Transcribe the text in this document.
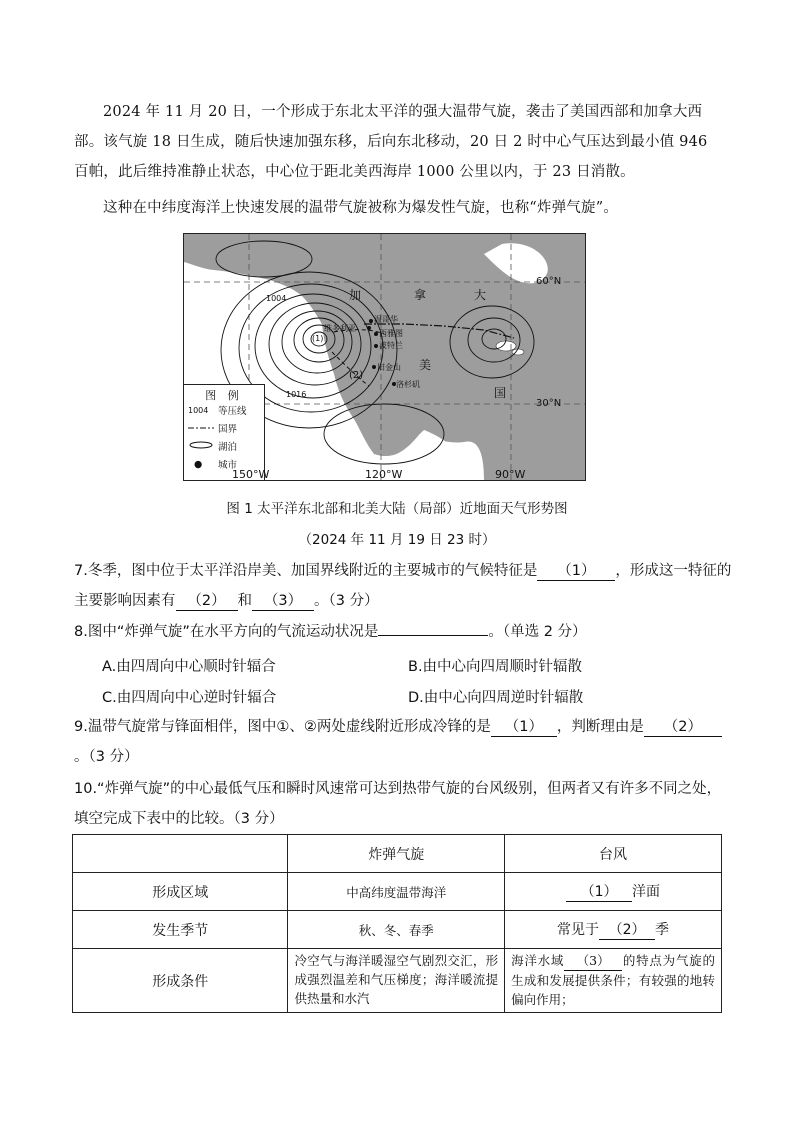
2024 年 11 月 20 日，一个形成于东北太平洋的强大温带气旋，袭击了美国西部和加拿大西部。该气旋 18 日生成，随后快速加强东移，后向东北移动，20 日 2 时中心气压达到最小值 946 百帕，此后维持准静止状态，中心位于距北美西海岸 1000 公里以内，于 23 日消散。
这种在中纬度海洋上快速发展的温带气旋被称为爆发性气旋，也称“炸弹气旋”。
60°N
30°N
加	拿	大
美
国
1004
1016
(1)
(2)
温哥华
维多利亚
西雅图
波特兰
旧金山
洛杉矶
图 例
1004	等压线
国界
湖泊
●	城市
150°W	120°W	90°W
图 1 太平洋东北部和北美大陆（局部）近地面天气形势图
（2024 年 11 月 19 日 23 时）
7.冬季，图中位于太平洋沿岸美、加国界线附近的主要城市的气候特征是 （1） ，形成这一特征的主要影响因素有 （2） 和 （3） 。（3 分）
8.图中“炸弹气旋”在水平方向的气流运动状况是	。（单选 2 分）
A.由四周向中心顺时针辐合	B.由中心向四周顺时针辐散
C.由四周向中心逆时针辐合	D.由中心向四周逆时针辐散
9.温带气旋常与锋面相伴，图中①、②两处虚线附近形成冷锋的是 （1） ，判断理由是 （2）。（3 分）
10.“炸弹气旋”的中心最低气压和瞬时风速常可达到热带气旋的台风级别，但两者又有许多不同之处，填空完成下表中的比较。（3 分）
	炸弹气旋	台风
形成区域	中高纬度温带海洋	（1） 洋面
发生季节	秋、冬、春季	常见于 （2） 季
形成条件	冷空气与海洋暖湿空气剧烈交汇，形成强烈温差和气压梯度；海洋暖流提供热量和水汽	海洋水域 （3） 的特点为气旋的生成和发展提供条件；有较强的地转偏向作用；
